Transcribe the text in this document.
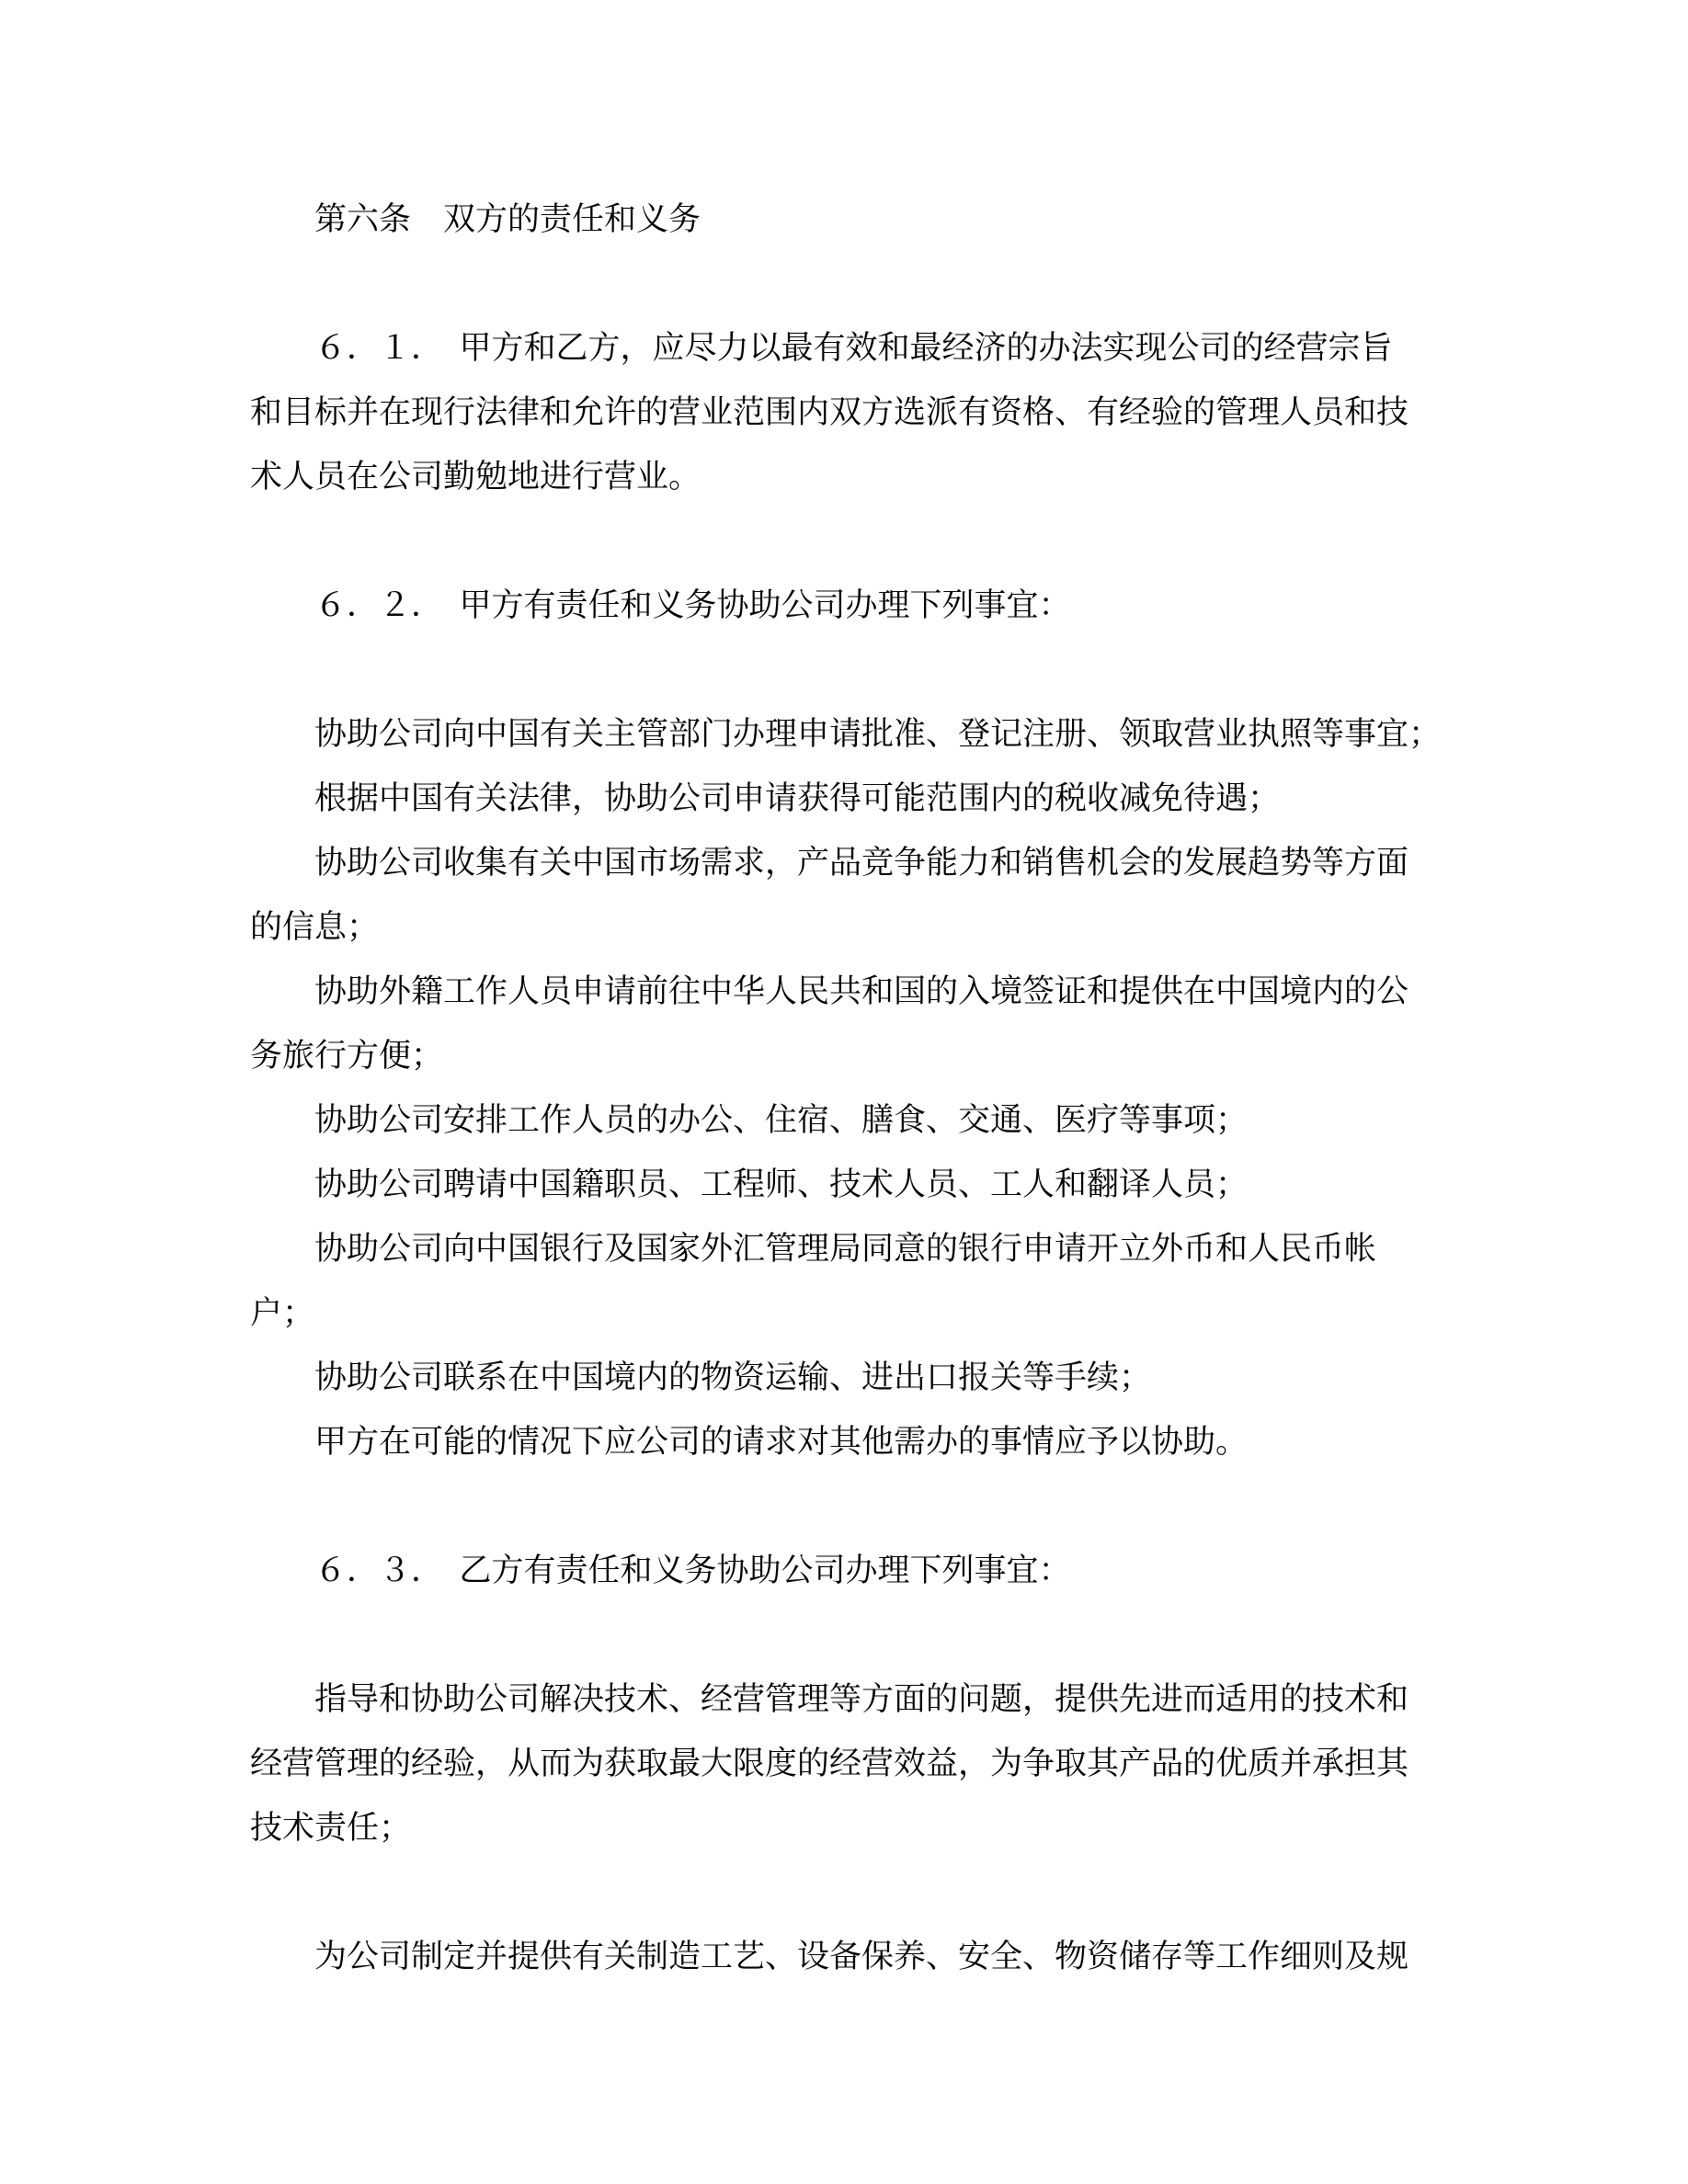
第六条　双方的责任和义务
６．１．　甲方和乙方，应尽力以最有效和最经济的办法实现公司的经营宗旨
和目标并在现行法律和允许的营业范围内双方选派有资格、有经验的管理人员和技
术人员在公司勤勉地进行营业。
６．２．　甲方有责任和义务协助公司办理下列事宜：
协助公司向中国有关主管部门办理申请批准、登记注册、领取营业执照等事宜；
根据中国有关法律，协助公司申请获得可能范围内的税收减免待遇；
协助公司收集有关中国市场需求，产品竞争能力和销售机会的发展趋势等方面
的信息；
协助外籍工作人员申请前往中华人民共和国的入境签证和提供在中国境内的公
务旅行方便；
协助公司安排工作人员的办公、住宿、膳食、交通、医疗等事项；
协助公司聘请中国籍职员、工程师、技术人员、工人和翻译人员；
协助公司向中国银行及国家外汇管理局同意的银行申请开立外币和人民币帐
户；
协助公司联系在中国境内的物资运输、进出口报关等手续；
甲方在可能的情况下应公司的请求对其他需办的事情应予以协助。
６．３．　乙方有责任和义务协助公司办理下列事宜：
指导和协助公司解决技术、经营管理等方面的问题，提供先进而适用的技术和
经营管理的经验，从而为获取最大限度的经营效益，为争取其产品的优质并承担其
技术责任；
为公司制定并提供有关制造工艺、设备保养、安全、物资储存等工作细则及规
